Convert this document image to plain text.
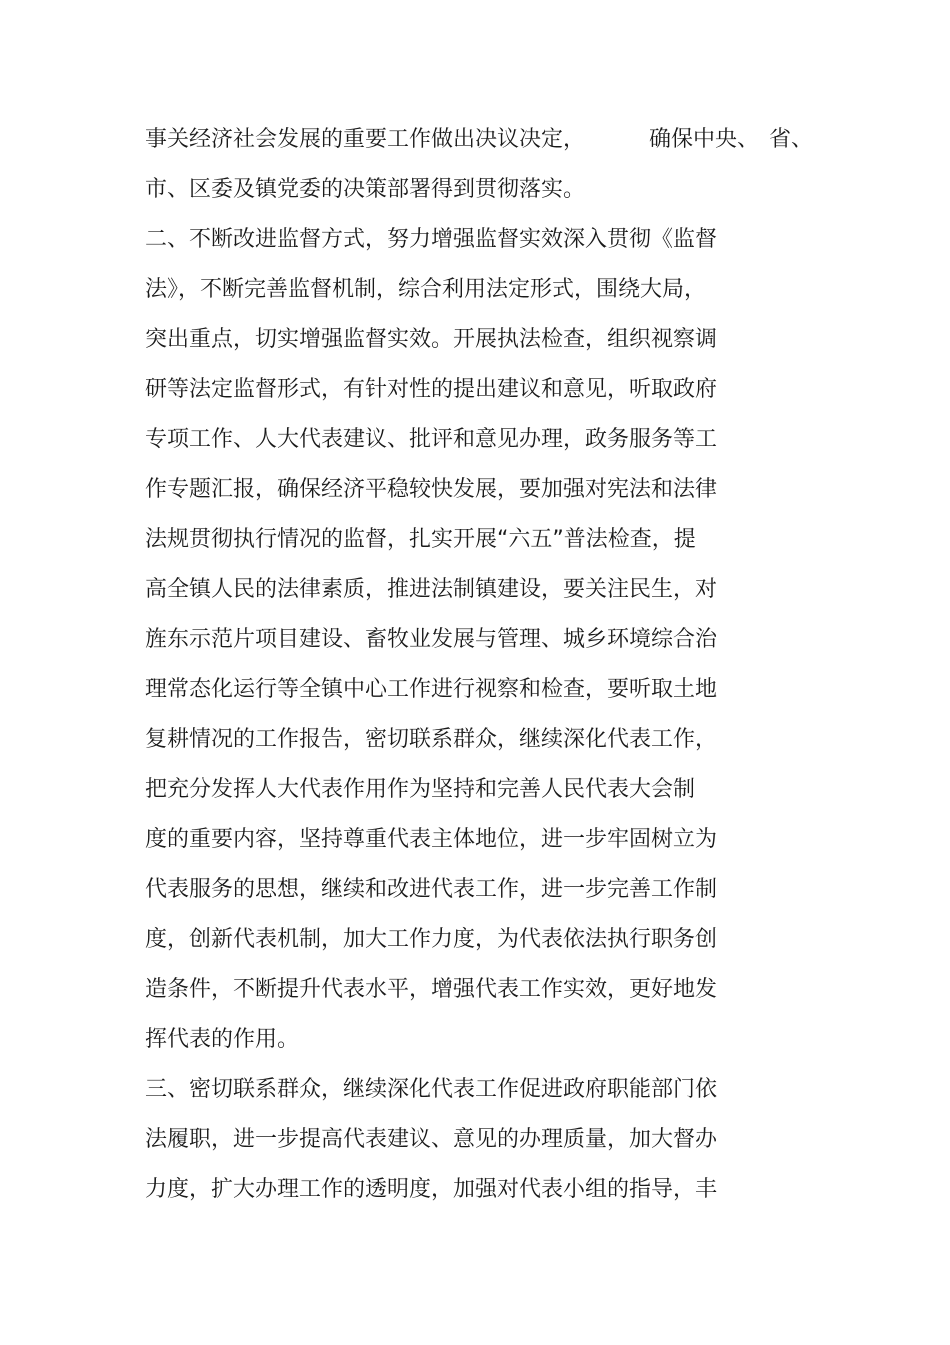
事关经济社会发展的重要工作做出决议决定，	确保中央、 省、
市、区委及镇党委的决策部署得到贯彻落实。
二、不断改进监督方式，努力增强监督实效深入贯彻《监督
法》，不断完善监督机制，综合利用法定形式，围绕大局，
突出重点，切实增强监督实效。开展执法检查，组织视察调
研等法定监督形式，有针对性的提出建议和意见，听取政府
专项工作、人大代表建议、批评和意见办理，政务服务等工
作专题汇报，确保经济平稳较快发展，要加强对宪法和法律
法规贯彻执行情况的监督，扎实开展“六五”普法检查，提
高全镇人民的法律素质，推进法制镇建设，要关注民生，对
旌东示范片项目建设、畜牧业发展与管理、城乡环境综合治
理常态化运行等全镇中心工作进行视察和检查，要听取土地
复耕情况的工作报告，密切联系群众，继续深化代表工作，
把充分发挥人大代表作用作为坚持和完善人民代表大会制
度的重要内容，坚持尊重代表主体地位，进一步牢固树立为
代表服务的思想，继续和改进代表工作，进一步完善工作制
度，创新代表机制，加大工作力度，为代表依法执行职务创
造条件，不断提升代表水平，增强代表工作实效，更好地发
挥代表的作用。
三、密切联系群众，继续深化代表工作促进政府职能部门依
法履职，进一步提高代表建议、意见的办理质量，加大督办
力度，扩大办理工作的透明度，加强对代表小组的指导，丰
